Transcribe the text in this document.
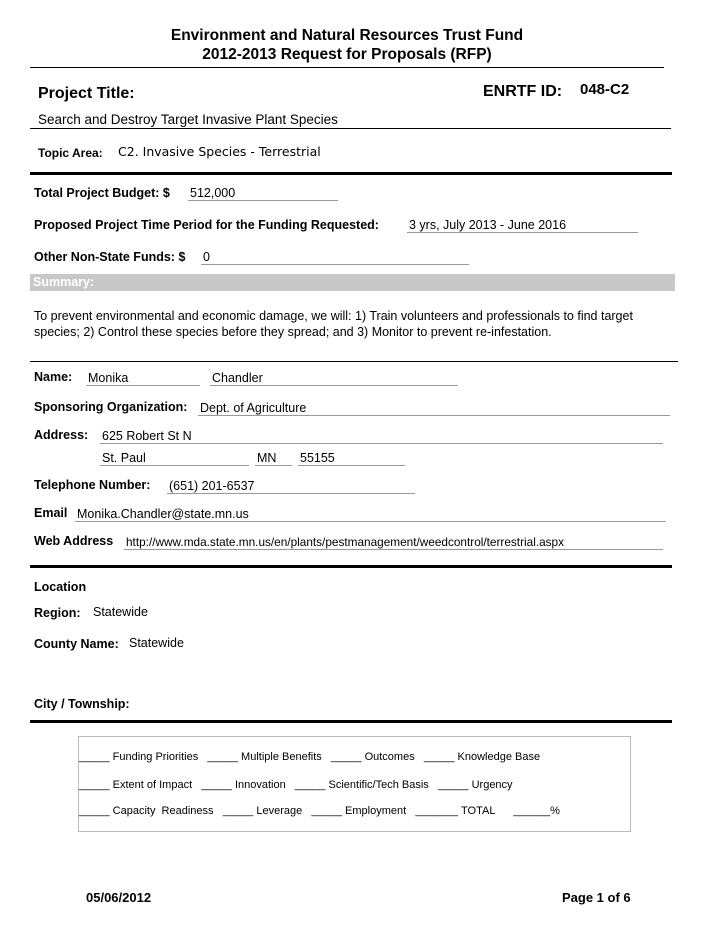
Environment and Natural Resources Trust Fund
2012-2013 Request for Proposals (RFP)
Project Title:	ENRTF ID: 048-C2
Search and Destroy Target Invasive Plant Species
Topic Area: C2. Invasive Species - Terrestrial
Total Project Budget: $ 512,000
Proposed Project Time Period for the Funding Requested: 3 yrs, July 2013 - June 2016
Other Non-State Funds: $ 0
Summary:
To prevent environmental and economic damage, we will: 1) Train volunteers and professionals to find target
species; 2) Control these species before they spread; and 3) Monitor to prevent re-infestation.
Name: Monika	Chandler
Sponsoring Organization: Dept. of Agriculture
Address: 625 Robert St N
St. Paul	MN	55155
Telephone Number: (651) 201-6537
Email Monika.Chandler@state.mn.us
Web Address http://www.mda.state.mn.us/en/plants/pestmanagement/weedcontrol/terrestrial.aspx
Location
Region: Statewide
County Name: Statewide
City / Township:
_____ Funding Priorities   _____ Multiple Benefits   _____ Outcomes   _____ Knowledge Base
_____ Extent of Impact   _____ Innovation   _____ Scientific/Tech Basis   _____ Urgency
_____ Capacity  Readiness   _____ Leverage   _____ Employment   _______ TOTAL      ______%
05/06/2012	Page 1 of 6
